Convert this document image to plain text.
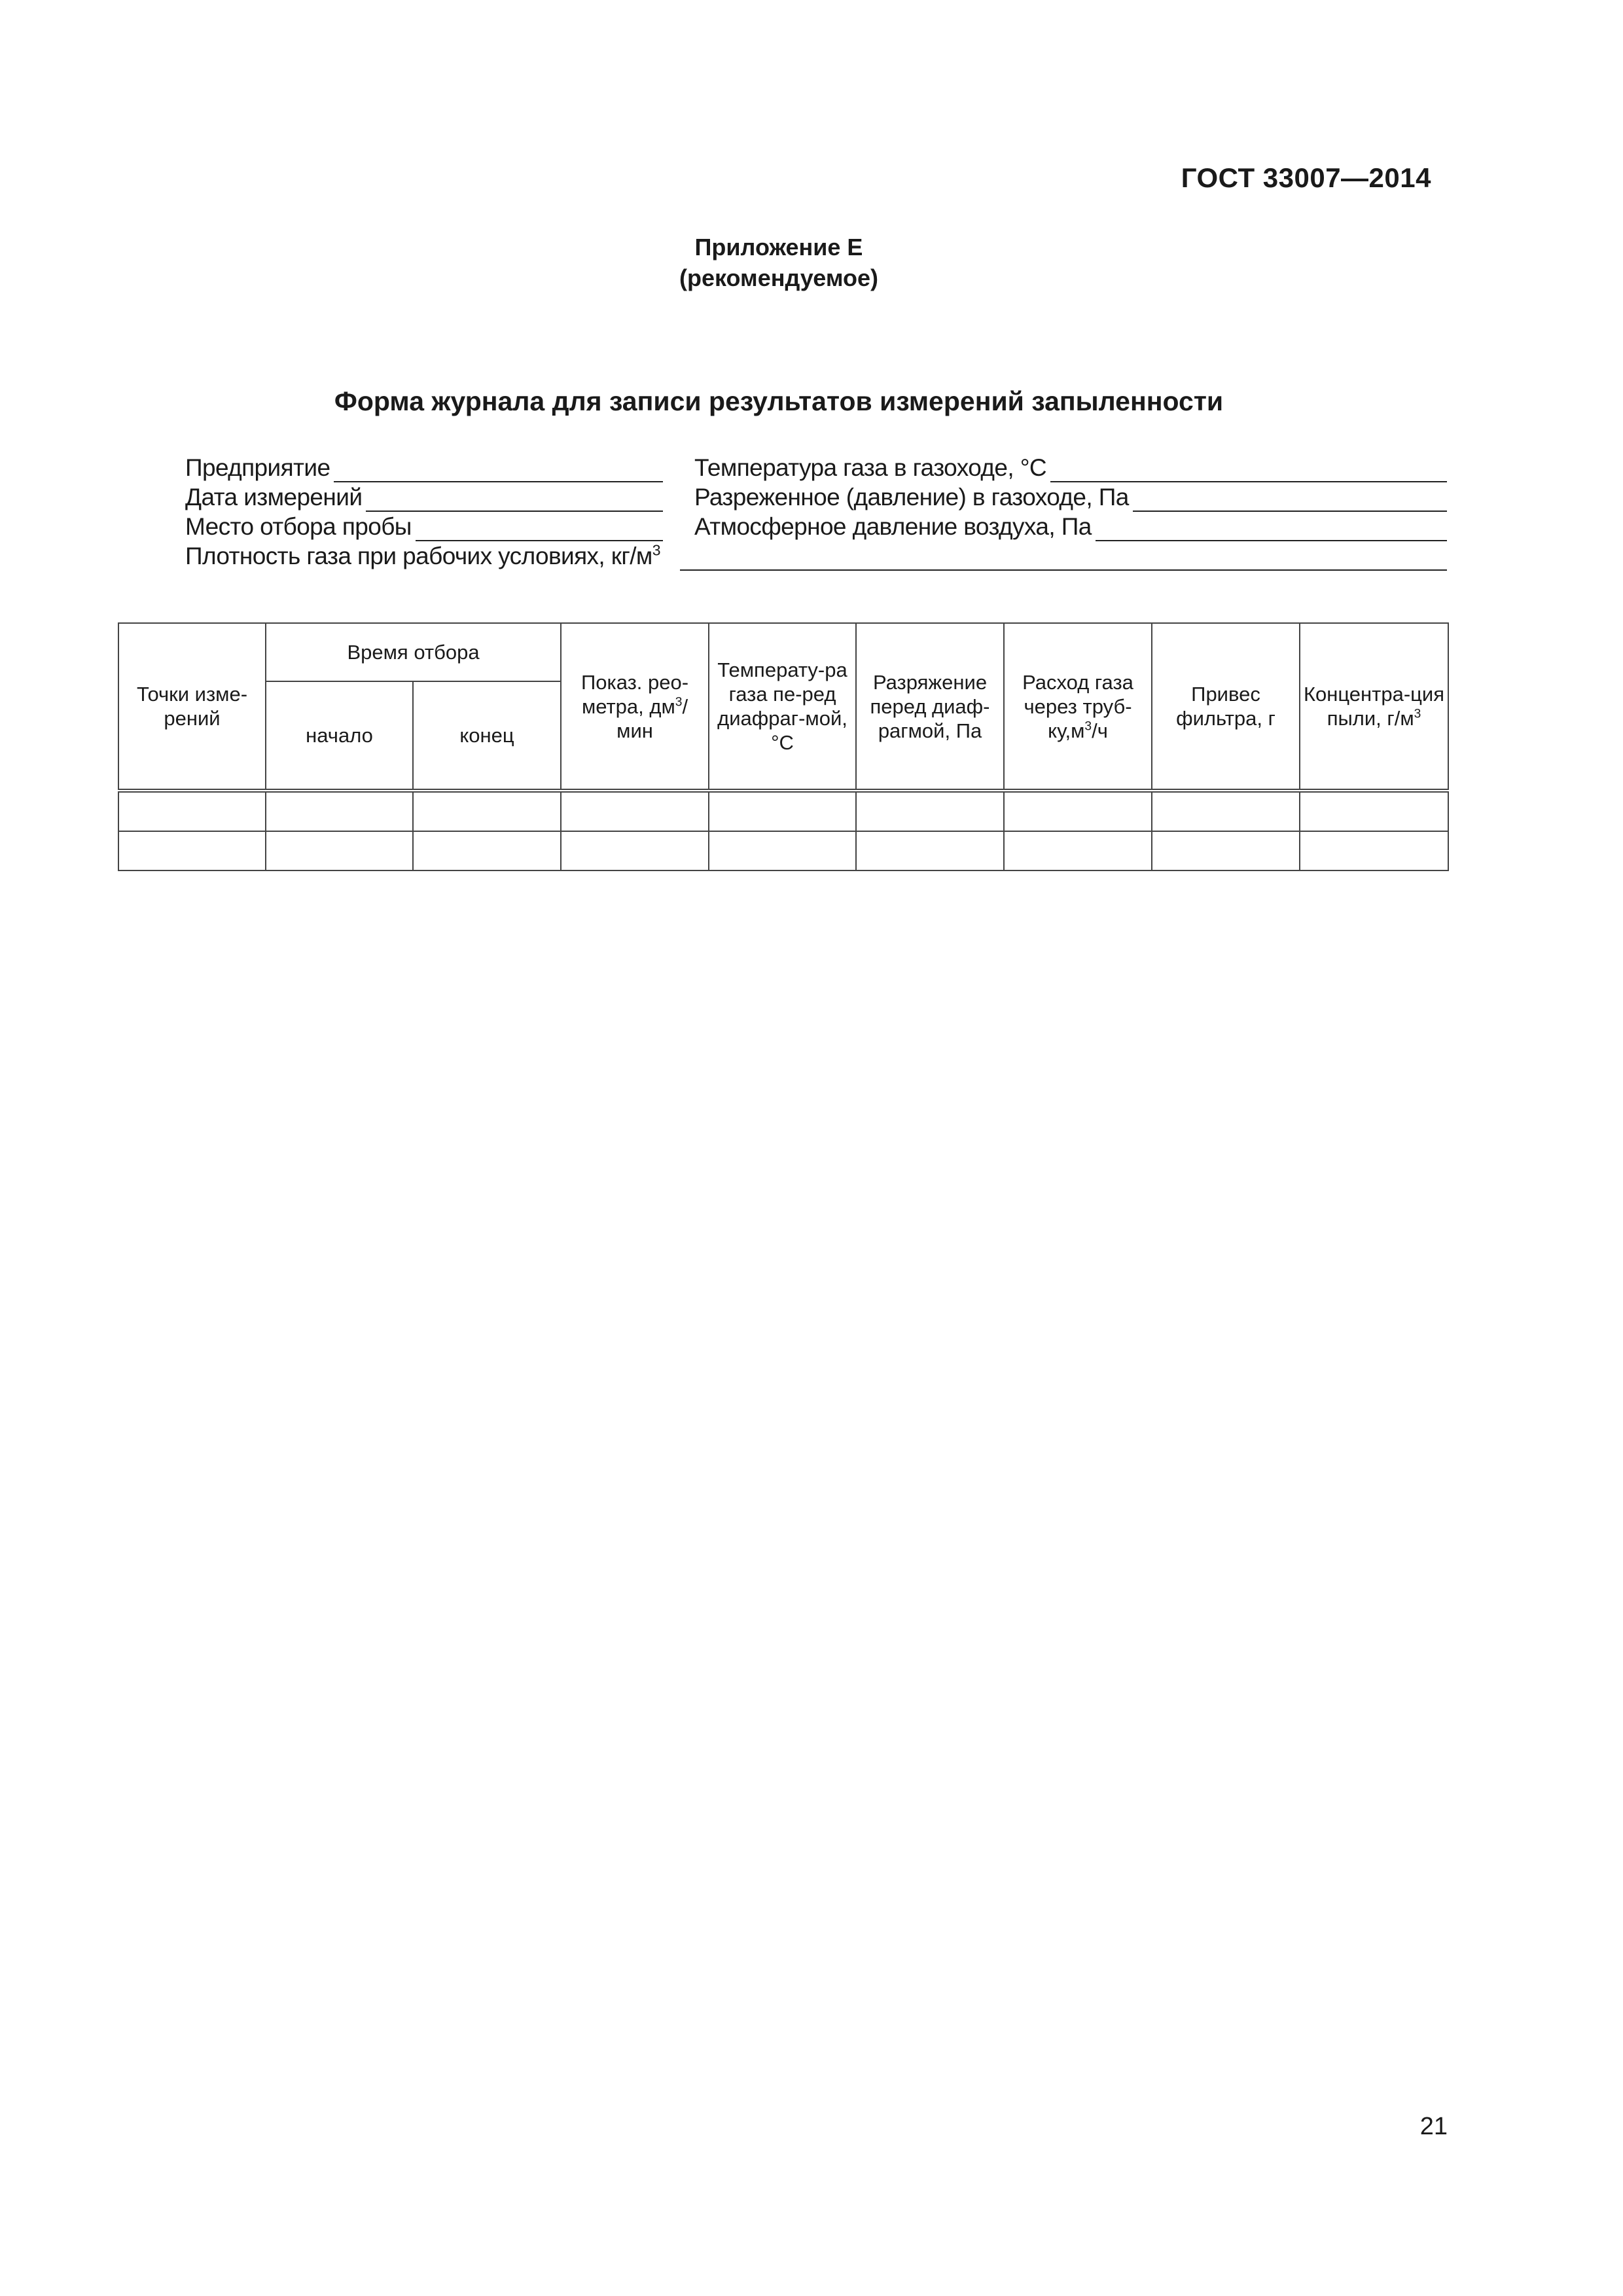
ГОСТ 33007—2014
Приложение Е
(рекомендуемое)
Форма журнала для записи результатов измерений запыленности
Предприятие	Температура газа в газоходе, °С
Дата измерений	Разреженное (давление) в газоходе, Па
Место отбора пробы	Атмосферное давление воздуха, Па
Плотность газа при рабочих условиях, $кг/м^3$
Точки изме-рений	Время отбора		Показ. рео-метра, $дм^3$/мин	Температу-ра газа пе-ред диафраг-мой, °С	Разряжение перед диаф-рагмой, Па	Расход газа через труб-$ку,м^3/ч$	Привес фильтра, г	Концентра-ция пыли, $г/м^3$
	начало	конец						

21
